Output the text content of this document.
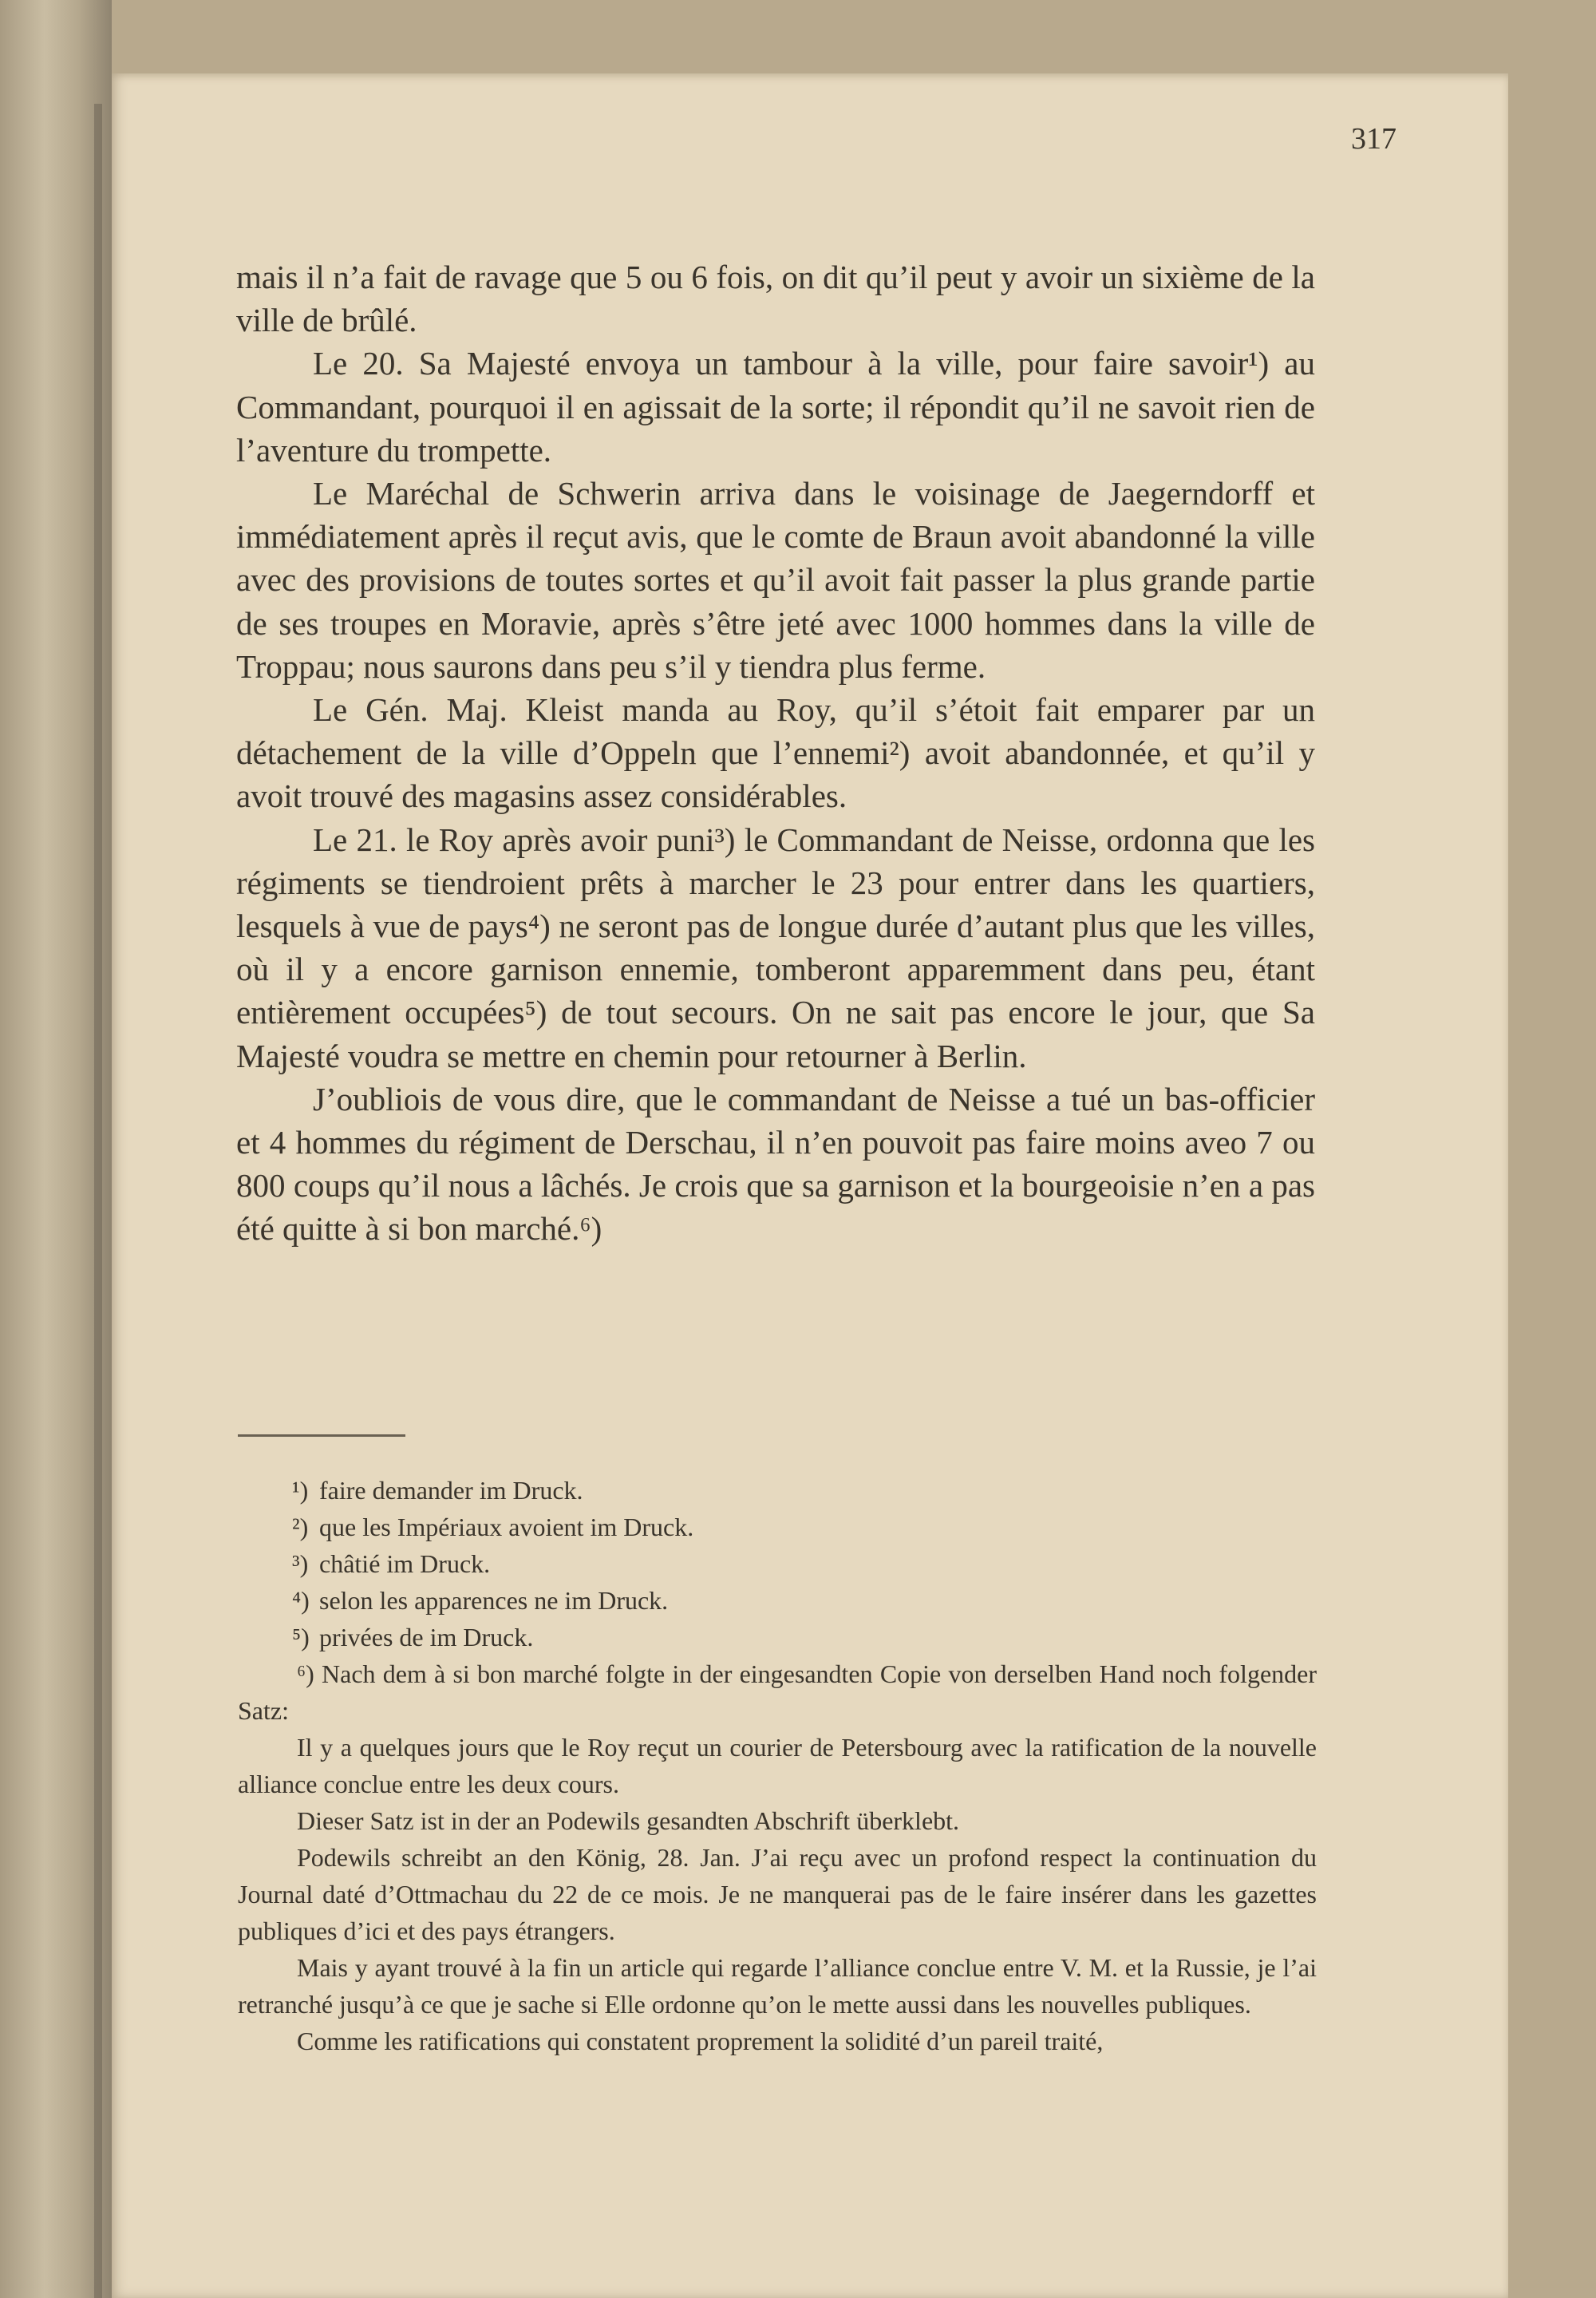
317

mais il n’a fait de ravage que 5 ou 6 fois, on dit qu’il peut y avoir un sixième de la ville de brûlé.

Le 20. Sa Majesté envoya un tambour à la ville, pour faire savoir¹) au Commandant, pourquoi il en agissait de la sorte; il répondit qu’il ne savoit rien de l’aventure du trompette.

Le Maréchal de Schwerin arriva dans le voisinage de Jaegerndorff et immédiatement après il reçut avis, que le comte de Braun avoit abandonné la ville avec des provisions de toutes sortes et qu’il avoit fait passer la plus grande partie de ses troupes en Moravie, après s’être jeté avec 1000 hommes dans la ville de Troppau; nous saurons dans peu s’il y tiendra plus ferme.

Le Gén. Maj. Kleist manda au Roy, qu’il s’étoit fait emparer par un détachement de la ville d’Oppeln que l’ennemi²) avoit abandonnée, et qu’il y avoit trouvé des magasins assez considérables.

Le 21. le Roy après avoir puni³) le Commandant de Neisse, ordonna que les régiments se tiendroient prêts à marcher le 23 pour entrer dans les quartiers, lesquels à vue de pays⁴) ne seront pas de longue durée d’autant plus que les villes, où il y a encore garnison ennemie, tomberont apparemment dans peu, étant entièrement occupées⁵) de tout secours. On ne sait pas encore le jour, que Sa Majesté voudra se mettre en chemin pour retourner à Berlin.

J’oubliois de vous dire, que le commandant de Neisse a tué un bas-officier et 4 hommes du régiment de Derschau, il n’en pouvoit pas faire moins aveo 7 ou 800 coups qu’il nous a lâchés. Je crois que sa garnison et la bourgeoisie n’en a pas été quitte à si bon marché.⁶)

¹) faire demander im Druck.

²) que les Impériaux avoient im Druck.

³) châtié im Druck.

⁴) selon les apparences ne im Druck.

⁵) privées de im Druck.

⁶) Nach dem à si bon marché folgte in der eingesandten Copie von derselben Hand noch folgender Satz:

Il y a quelques jours que le Roy reçut un courier de Petersbourg avec la ratification de la nouvelle alliance conclue entre les deux cours.

Dieser Satz ist in der an Podewils gesandten Abschrift überklebt.

Podewils schreibt an den König, 28. Jan. J’ai reçu avec un profond respect la continuation du Journal daté d’Ottmachau du 22 de ce mois. Je ne manquerai pas de le faire insérer dans les gazettes publiques d’ici et des pays étrangers.

Mais y ayant trouvé à la fin un article qui regarde l’alliance conclue entre V. M. et la Russie, je l’ai retranché jusqu’à ce que je sache si Elle ordonne qu’on le mette aussi dans les nouvelles publiques.

Comme les ratifications qui constatent proprement la solidité d’un pareil traité,
